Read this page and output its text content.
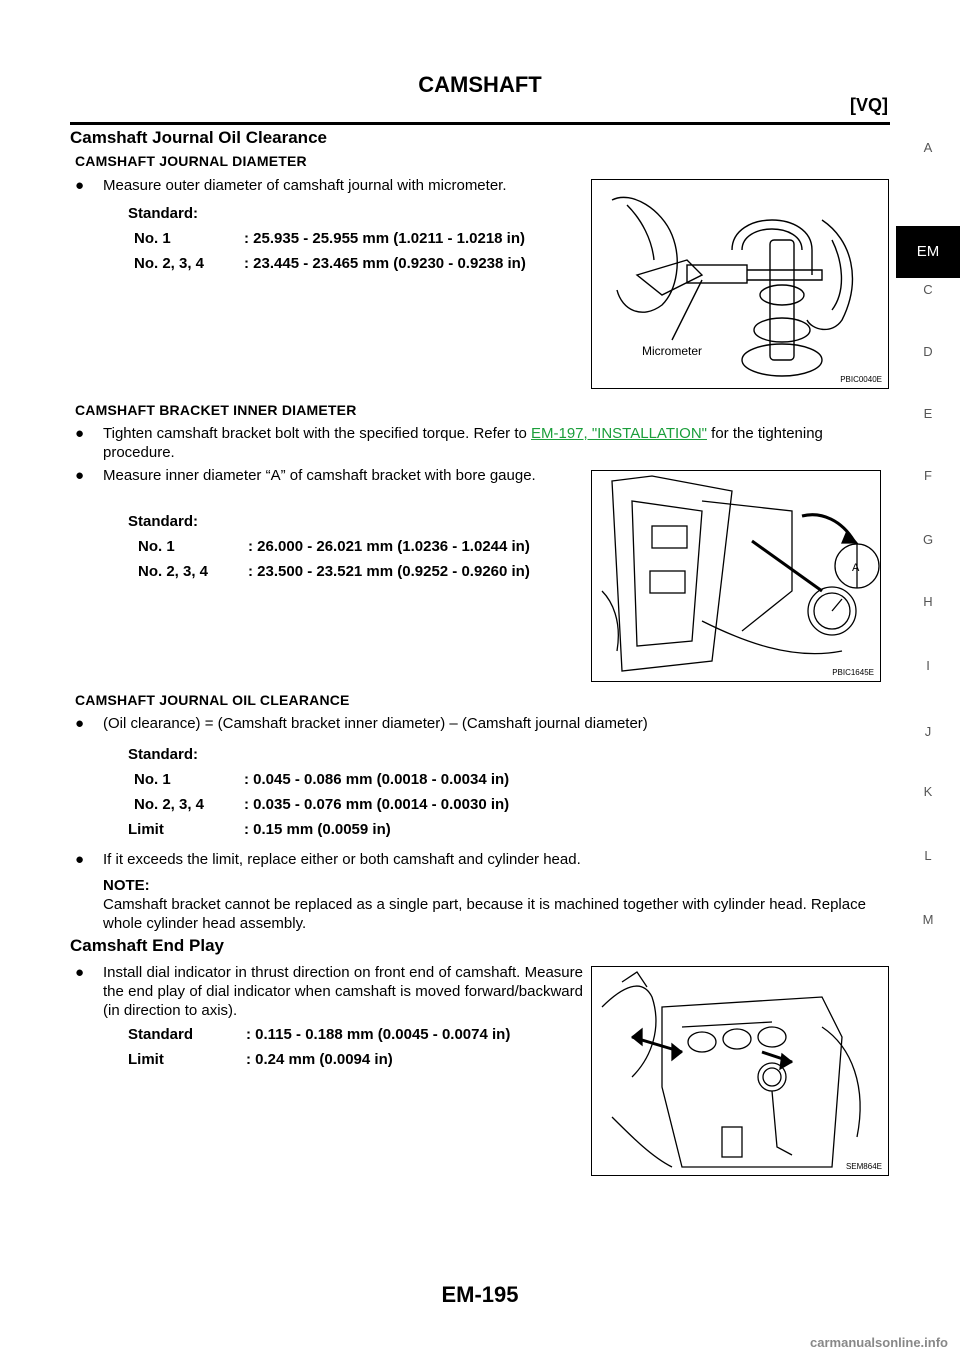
CAMSHAFT
[VQ]
A
EM
C
D
E
F
G
H
I
J
K
L
M
Camshaft Journal Oil Clearance
CAMSHAFT JOURNAL DIAMETER
●	Measure outer diameter of camshaft journal with micrometer.
Standard:
No. 1	: 25.935 - 25.955 mm (1.0211 - 1.0218 in)
No. 2, 3, 4	: 23.445 - 23.465 mm (0.9230 - 0.9238 in)
Micrometer
PBIC0040E
CAMSHAFT BRACKET INNER DIAMETER
●	Tighten camshaft bracket bolt with the specified torque. Refer to EM-197, "INSTALLATION" for the tightening procedure.
●	Measure inner diameter “A” of camshaft bracket with bore gauge.
Standard:
No. 1	: 26.000 - 26.021 mm (1.0236 - 1.0244 in)
No. 2, 3, 4	: 23.500 - 23.521 mm (0.9252 - 0.9260 in)	A
PBIC1645E
CAMSHAFT JOURNAL OIL CLEARANCE
●	(Oil clearance) = (Camshaft bracket inner diameter) – (Camshaft journal diameter)
Standard:
No. 1	: 0.045 - 0.086 mm (0.0018 - 0.0034 in)
No. 2, 3, 4	: 0.035 - 0.076 mm (0.0014 - 0.0030 in)
Limit	: 0.15 mm (0.0059 in)
●	If it exceeds the limit, replace either or both camshaft and cylinder head.
NOTE:
Camshaft bracket cannot be replaced as a single part, because it is machined together with cylinder head. Replace whole cylinder head assembly.
Camshaft End Play
●	Install dial indicator in thrust direction on front end of camshaft. Measure the end play of dial indicator when camshaft is moved forward/backward (in direction to axis).
Standard	: 0.115 - 0.188 mm (0.0045 - 0.0074 in)
Limit	: 0.24 mm (0.0094 in)
SEM864E
EM-195
carmanualsonline.info
